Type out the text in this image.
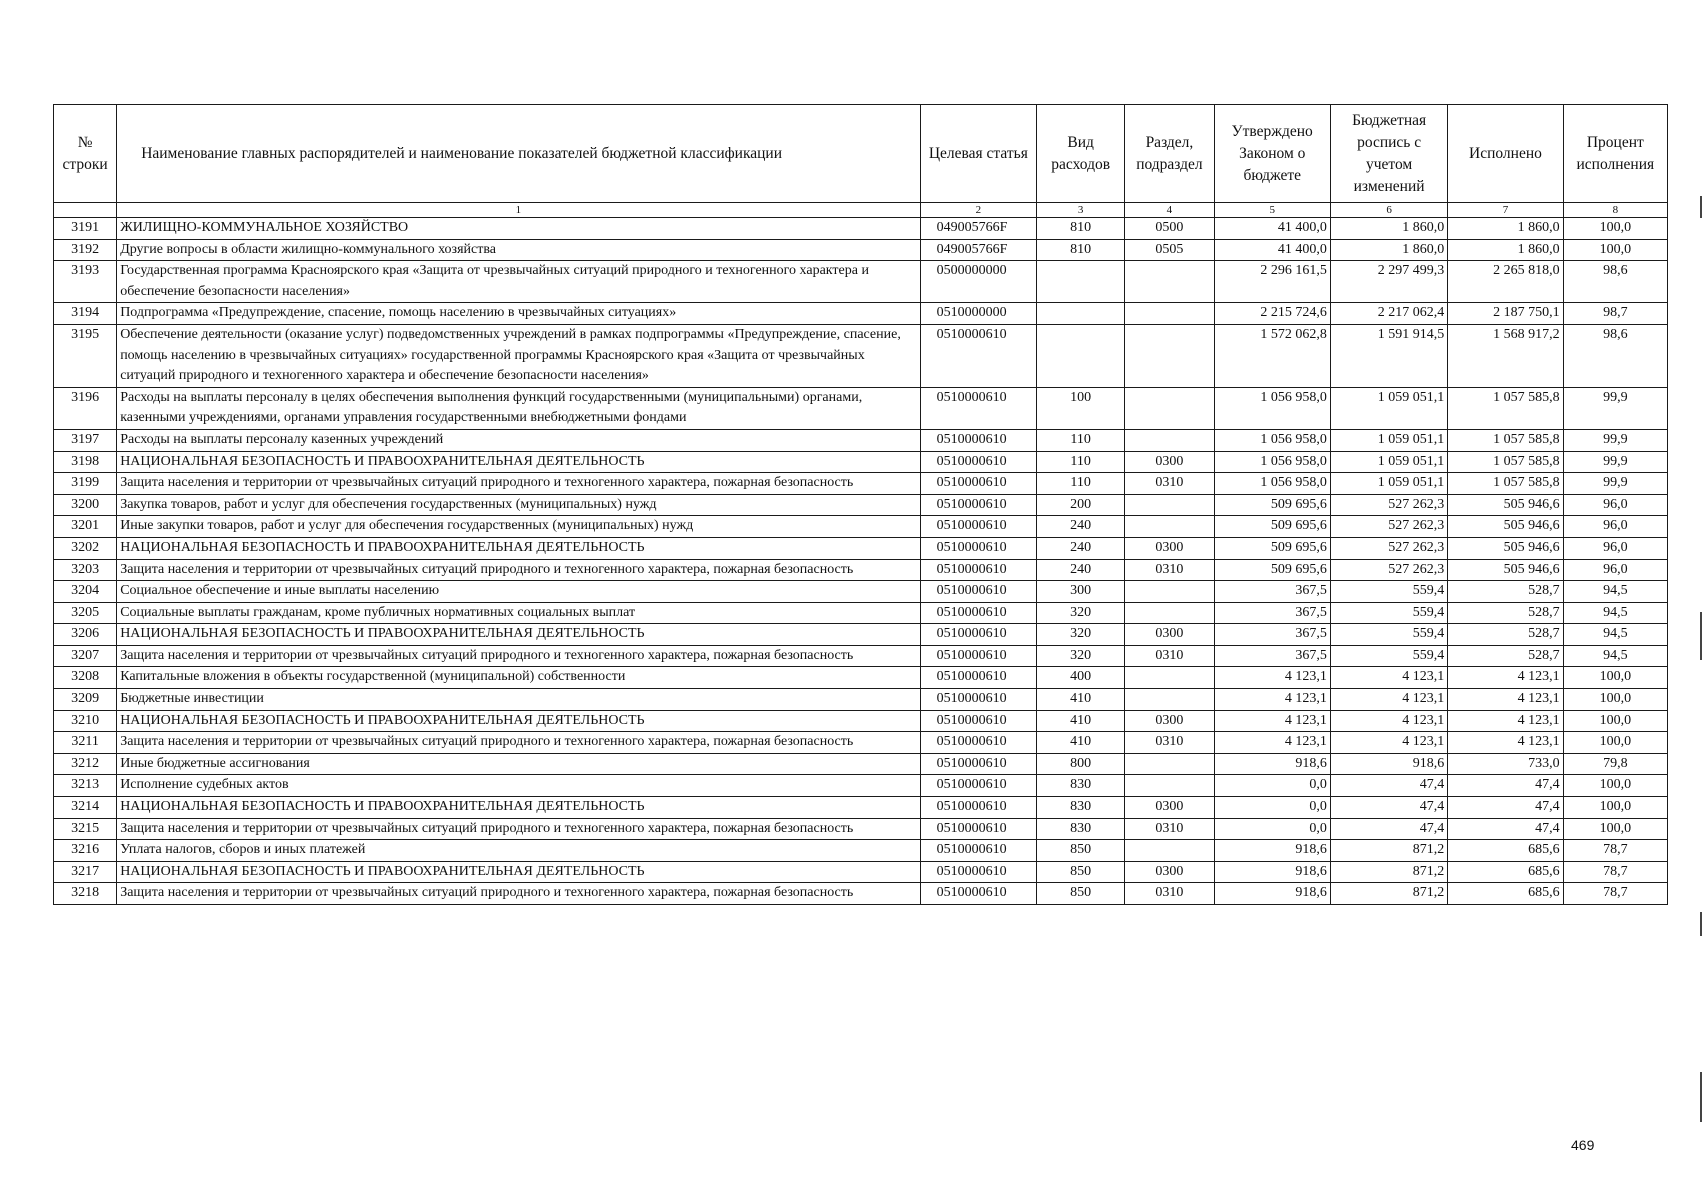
№ строки	Наименование главных распорядителей и наименование показателей бюджетной классификации	Целевая статья	Вид расходов	Раздел, подраздел	Утверждено Законом о бюджете	Бюджетная роспись с учетом изменений	Исполнено	Процент исполнения
	1	2	3	4	5	6	7	8
3191	ЖИЛИЩНО-КОММУНАЛЬНОЕ ХОЗЯЙСТВО	049005766F	810	0500	41 400,0	1 860,0	1 860,0	100,0
3192	Другие вопросы в области жилищно-коммунального хозяйства	049005766F	810	0505	41 400,0	1 860,0	1 860,0	100,0
3193	Государственная программа Красноярского края «Защита от чрезвычайных ситуаций природного и техногенного характера и обеспечение безопасности населения»	0500000000			2 296 161,5	2 297 499,3	2 265 818,0	98,6
3194	Подпрограмма «Предупреждение, спасение, помощь населению в чрезвычайных ситуациях»	0510000000			2 215 724,6	2 217 062,4	2 187 750,1	98,7
3195	Обеспечение деятельности (оказание услуг) подведомственных учреждений в рамках подпрограммы «Предупреждение, спасение, помощь населению в чрезвычайных ситуациях» государственной программы Красноярского края «Защита от чрезвычайных ситуаций природного и техногенного характера и обеспечение безопасности населения»	0510000610			1 572 062,8	1 591 914,5	1 568 917,2	98,6
3196	Расходы на выплаты персоналу в целях обеспечения выполнения функций государственными (муниципальными) органами, казенными учреждениями, органами управления государственными внебюджетными фондами	0510000610	100		1 056 958,0	1 059 051,1	1 057 585,8	99,9
3197	Расходы на выплаты персоналу казенных учреждений	0510000610	110		1 056 958,0	1 059 051,1	1 057 585,8	99,9
3198	НАЦИОНАЛЬНАЯ БЕЗОПАСНОСТЬ И ПРАВООХРАНИТЕЛЬНАЯ ДЕЯТЕЛЬНОСТЬ	0510000610	110	0300	1 056 958,0	1 059 051,1	1 057 585,8	99,9
3199	Защита населения и территории от чрезвычайных ситуаций природного и техногенного характера, пожарная безопасность	0510000610	110	0310	1 056 958,0	1 059 051,1	1 057 585,8	99,9
3200	Закупка товаров, работ и услуг для обеспечения государственных (муниципальных) нужд	0510000610	200		509 695,6	527 262,3	505 946,6	96,0
3201	Иные закупки товаров, работ и услуг для обеспечения государственных (муниципальных) нужд	0510000610	240		509 695,6	527 262,3	505 946,6	96,0
3202	НАЦИОНАЛЬНАЯ БЕЗОПАСНОСТЬ И ПРАВООХРАНИТЕЛЬНАЯ ДЕЯТЕЛЬНОСТЬ	0510000610	240	0300	509 695,6	527 262,3	505 946,6	96,0
3203	Защита населения и территории от чрезвычайных ситуаций природного и техногенного характера, пожарная безопасность	0510000610	240	0310	509 695,6	527 262,3	505 946,6	96,0
3204	Социальное обеспечение и иные выплаты населению	0510000610	300		367,5	559,4	528,7	94,5
3205	Социальные выплаты гражданам, кроме публичных нормативных социальных выплат	0510000610	320		367,5	559,4	528,7	94,5
3206	НАЦИОНАЛЬНАЯ БЕЗОПАСНОСТЬ И ПРАВООХРАНИТЕЛЬНАЯ ДЕЯТЕЛЬНОСТЬ	0510000610	320	0300	367,5	559,4	528,7	94,5
3207	Защита населения и территории от чрезвычайных ситуаций природного и техногенного характера, пожарная безопасность	0510000610	320	0310	367,5	559,4	528,7	94,5
3208	Капитальные вложения в объекты государственной (муниципальной) собственности	0510000610	400		4 123,1	4 123,1	4 123,1	100,0
3209	Бюджетные инвестиции	0510000610	410		4 123,1	4 123,1	4 123,1	100,0
3210	НАЦИОНАЛЬНАЯ БЕЗОПАСНОСТЬ И ПРАВООХРАНИТЕЛЬНАЯ ДЕЯТЕЛЬНОСТЬ	0510000610	410	0300	4 123,1	4 123,1	4 123,1	100,0
3211	Защита населения и территории от чрезвычайных ситуаций природного и техногенного характера, пожарная безопасность	0510000610	410	0310	4 123,1	4 123,1	4 123,1	100,0
3212	Иные бюджетные ассигнования	0510000610	800		918,6	918,6	733,0	79,8
3213	Исполнение судебных актов	0510000610	830		0,0	47,4	47,4	100,0
3214	НАЦИОНАЛЬНАЯ БЕЗОПАСНОСТЬ И ПРАВООХРАНИТЕЛЬНАЯ ДЕЯТЕЛЬНОСТЬ	0510000610	830	0300	0,0	47,4	47,4	100,0
3215	Защита населения и территории от чрезвычайных ситуаций природного и техногенного характера, пожарная безопасность	0510000610	830	0310	0,0	47,4	47,4	100,0
3216	Уплата налогов, сборов и иных платежей	0510000610	850		918,6	871,2	685,6	78,7
3217	НАЦИОНАЛЬНАЯ БЕЗОПАСНОСТЬ И ПРАВООХРАНИТЕЛЬНАЯ ДЕЯТЕЛЬНОСТЬ	0510000610	850	0300	918,6	871,2	685,6	78,7
3218	Защита населения и территории от чрезвычайных ситуаций природного и техногенного характера, пожарная безопасность	0510000610	850	0310	918,6	871,2	685,6	78,7
469
